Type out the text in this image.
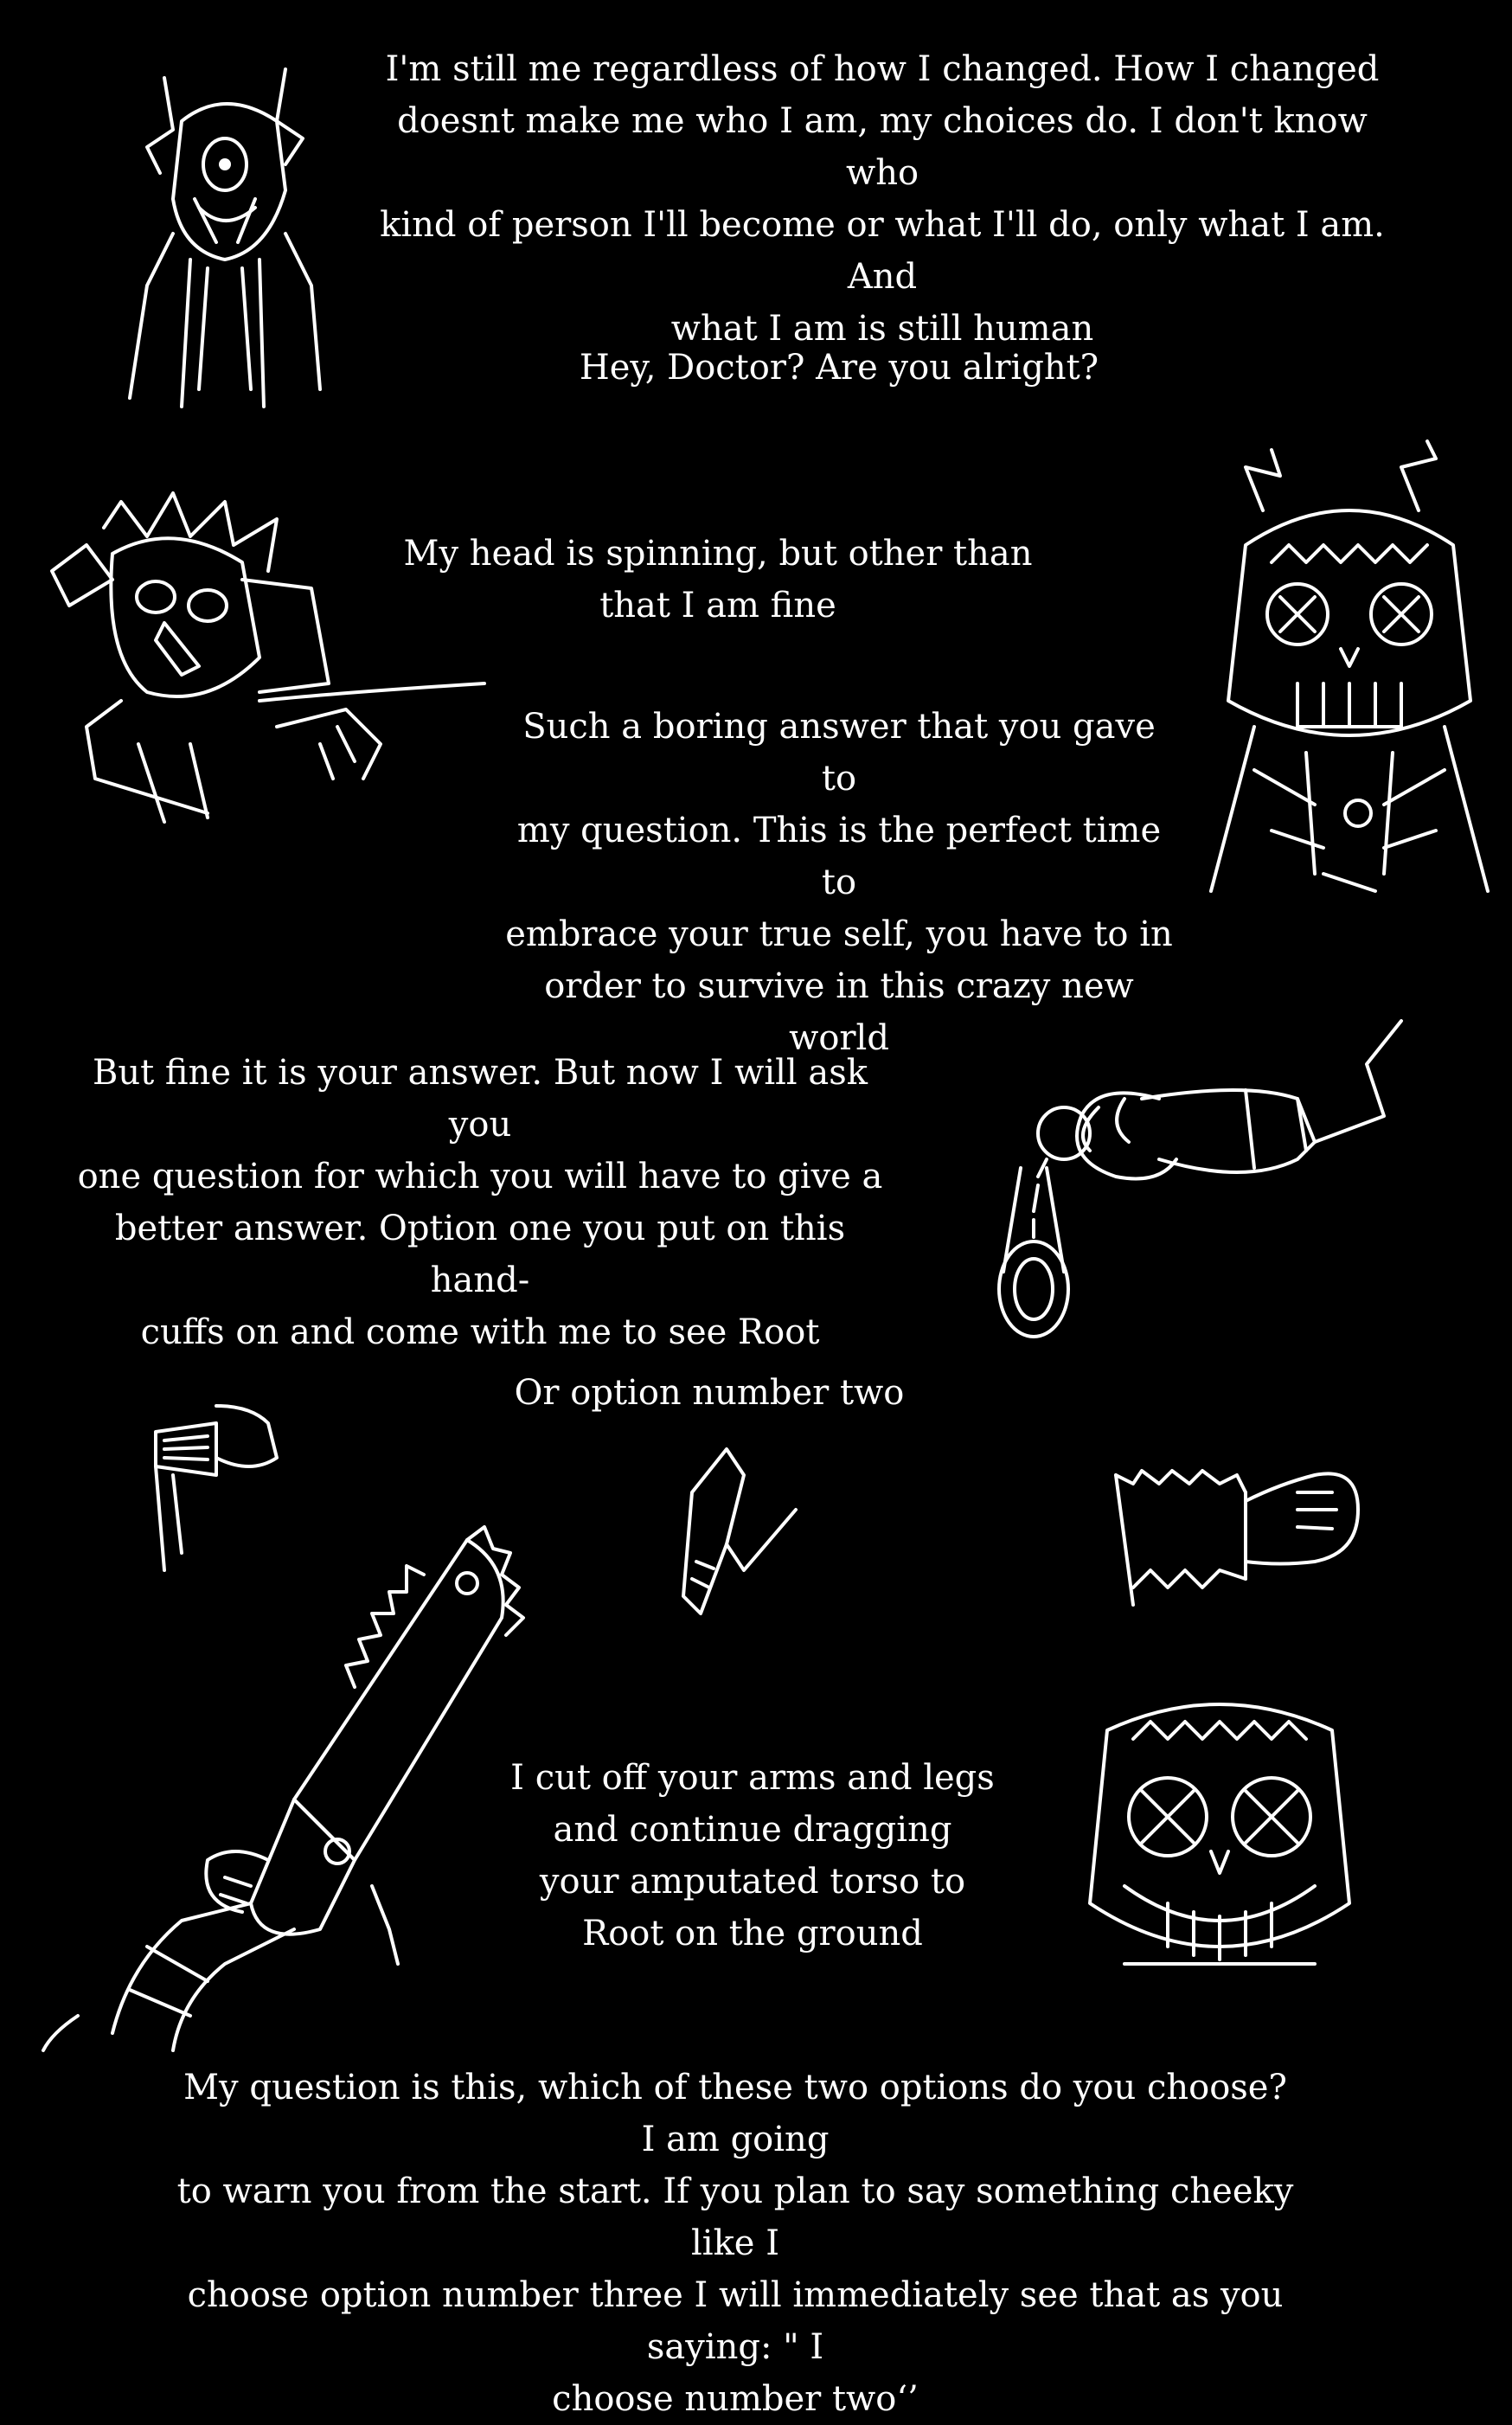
I'm still me regardless of how I changed. How I changed
doesnt make me who I am, my choices do. I don't know who
kind of person I'll become or what I'll do, only what I am. And
what I am is still human
Hey, Doctor? Are you alright?
My head is spinning, but other than
that I am fine
Such a boring answer that you gave to
my question. This is the perfect time to
embrace your true self, you have to in
order to survive in this crazy new world
But fine it is your answer. But now I will ask you
one question for which you will have to give a
better answer. Option one you put on this hand-
cuffs on and come with me to see Root
Or option number two
I cut off your arms and legs
and continue dragging
your amputated torso to
Root on the ground
My question is this, which of these two options do you choose? I am going
to warn you from the start. If you plan to say something cheeky like I
choose option number three I will immediately see that as you saying: " I
choose number two‘’
